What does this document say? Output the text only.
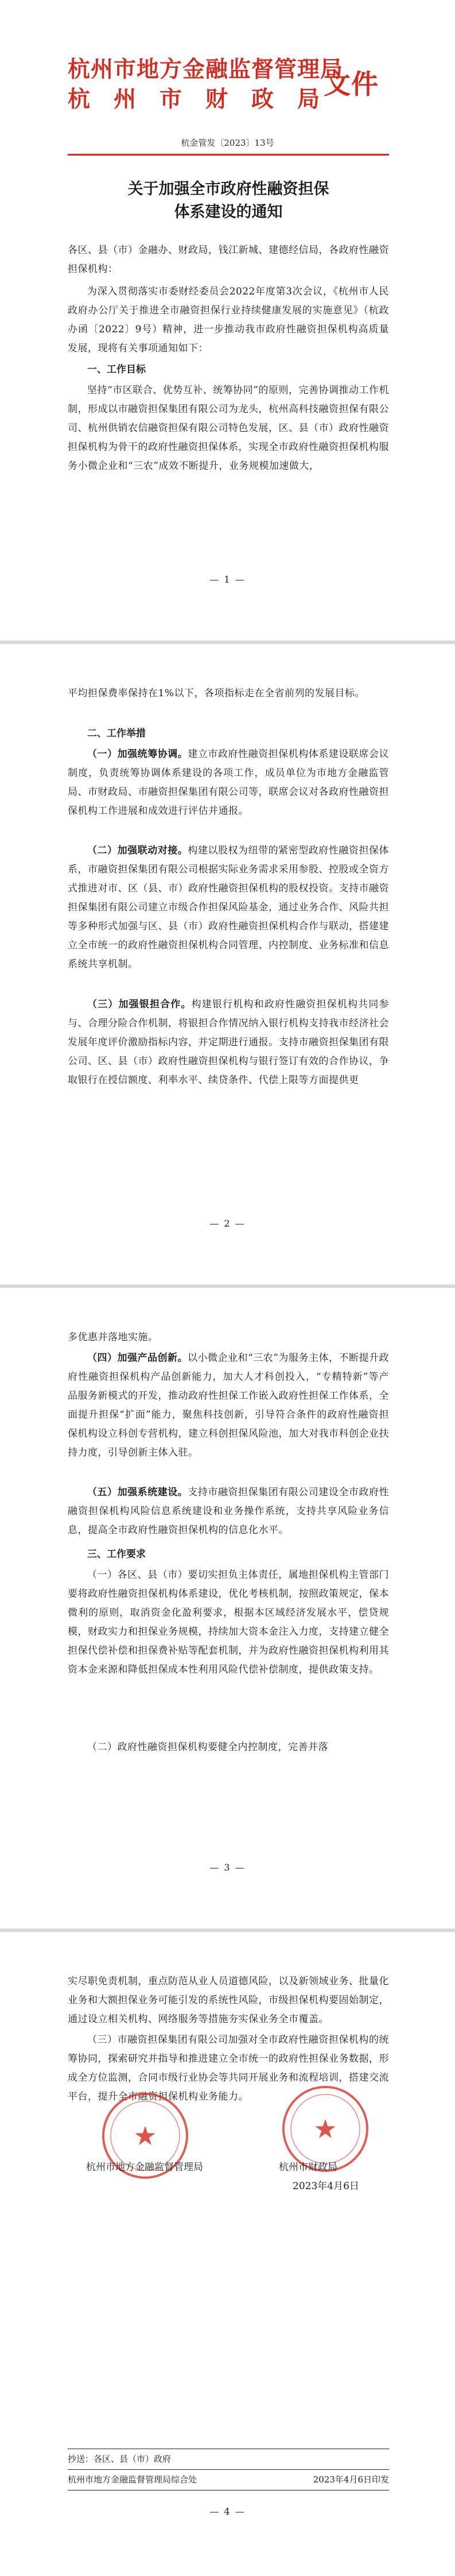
杭州市地方金融监督管理局
杭 州 市 财 政 局 文件
杭金管发〔2023〕13号
关于加强全市政府性融资担保
体系建设的通知
各区、县（市）金融办、财政局，钱江新城、建德经信局，各政府性融资担保机构：
为深入贯彻落实市委财经委员会2022年度第3次会议，《杭州市人民政府办公厅关于推进全市融资担保行业持续健康发展的实施意见》（杭政办函〔2022〕9号）精神，进一步推动我市政府性融资担保机构高质量发展，现将有关事项通知如下：
一、工作目标
坚持“市区联合、优势互补、统筹协同”的原则，完善协调推动工作机制，形成以市融资担保集团有限公司为龙头，杭州高科技融资担保有限公司、杭州供销农信融资担保有限公司特色发展，区、县（市）政府性融资担保机构为骨干的政府性融资担保体系，实现全市政府性融资担保机构服务小微企业和“三农”成效不断提升，业务规模加速做大，
— 1 —
平均担保费率保持在1%以下，各项指标走在全省前列的发展目标。
二、工作举措
（一）加强统筹协调。建立市政府性融资担保机构体系建设联席会议制度，负责统筹协调体系建设的各项工作，成员单位为市地方金融监管局、市财政局、市融资担保集团有限公司等，联席会议对各政府性融资担保机构工作进展和成效进行评估并通报。
（二）加强联动对接。构建以股权为纽带的紧密型政府性融资担保体系，市融资担保集团有限公司根据实际业务需求采用参股、控股或全资方式推进对市、区（县、市）政府性融资担保机构的股权投资。支持市融资担保集团有限公司建立市级合作担保风险基金，通过业务合作、风险共担等多种形式加强与区、县（市）政府性融资担保机构合作与联动，搭建建立全市统一的政府性融资担保机构合同管理、内控制度、业务标准和信息系统共享机制。
（三）加强银担合作。构建银行机构和政府性融资担保机构共同参与、合理分险合作机制，将银担合作情况纳入银行机构支持我市经济社会发展年度评价激励指标内容，并定期进行通报。支持市融资担保集团有限公司、区、县（市）政府性融资担保机构与银行签订有效的合作协议，争取银行在授信额度、利率水平、续贷条件、代偿上限等方面提供更
— 2 —
多优惠并落地实施。
（四）加强产品创新。以小微企业和“三农”为服务主体，不断提升政府性融资担保机构产品创新能力，加大人才科创投入，“专精特新”等产品服务新模式的开发，推动政府性担保工作嵌入政府性担保工作体系，全面提升担保“扩面”能力，聚焦科技创新，引导符合条件的政府性融资担保机构设立科创专营机构，建立科创担保风险池，加大对我市科创企业扶持力度，引导创新主体入驻。
（五）加强系统建设。支持市融资担保集团有限公司建设全市政府性融资担保机构风险信息系统建设和业务操作系统，支持共享风险业务信息，提高全市政府性融资担保机构的信息化水平。
三、工作要求
（一）各区、县（市）要切实担负主体责任，属地担保机构主管部门要将政府性融资担保机构体系建设，优化考核机制，按照政策规定，保本微利的原则，取消资金化盈利要求，根据本区域经济发展水平，偿贷规模，财政实力和担保业务规模，持续加大资本金注入力度，支持建立健全担保代偿补偿和担保费补贴等配套机制，并为政府性融资担保机构利用其资本金来源和降低担保成本性利用风险代偿补偿制度，提供政策支持。
（二）政府性融资担保机构要健全内控制度，完善并落
— 3 —
实尽职免责机制，重点防范从业人员道德风险，以及新领域业务、批量化业务和大额担保业务可能引发的系统性风险，市级担保机构要固始制定，通过设立相关机构、网络服务等措施夯实保业务全市覆盖。
（三）市融资担保集团有限公司加强对全市政府性融资担保机构的统筹协同，探索研究并指导和推进建立全市统一的政府性担保业务数据，形成全方位监测，合同市级行业协会等共同开展业务和流程培训，搭建交流平台，提升全市融资担保机构业务能力。
★	★
杭州市地方金融监督管理局	杭州市财政局
2023年4月6日
抄送：各区、县（市）政府
杭州市地方金融监督管理局综合处	2023年4月6日印发
— 4 —
